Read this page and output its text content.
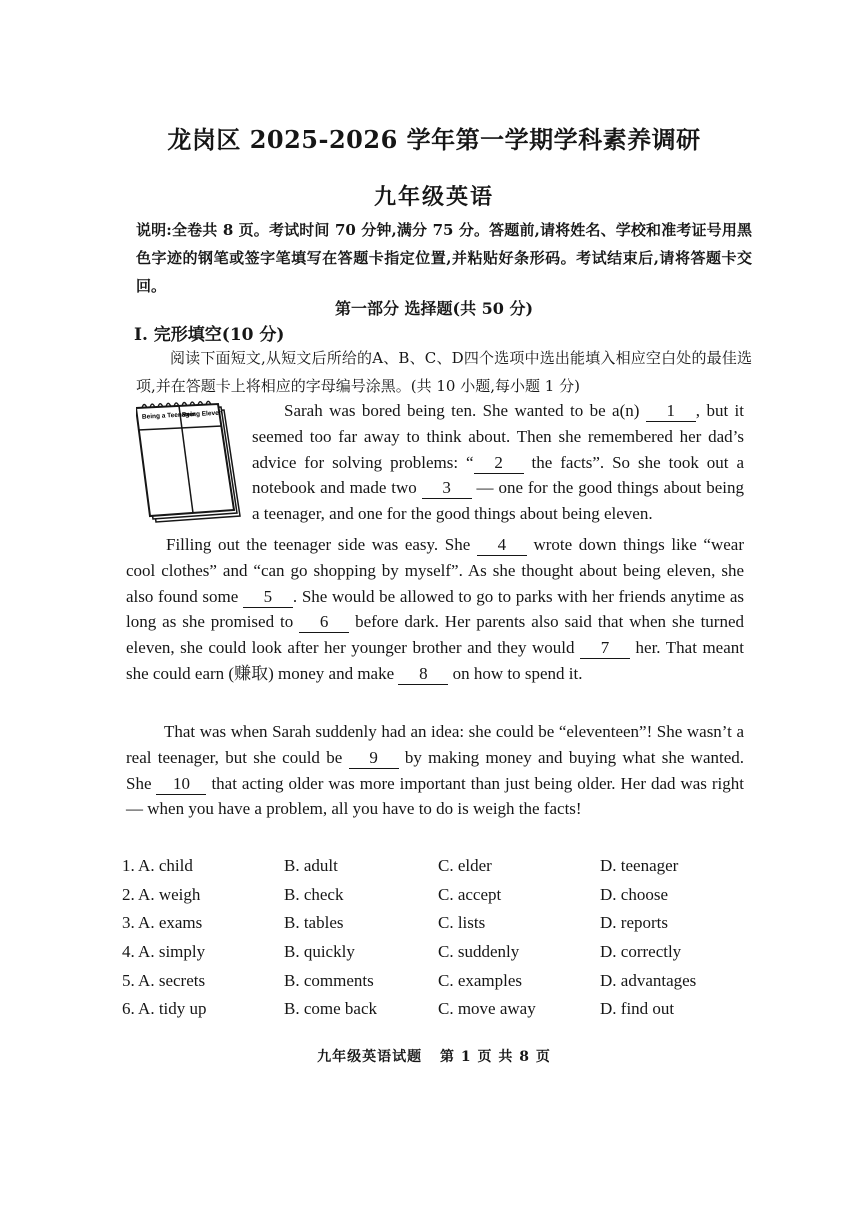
龙岗区 2025-2026 学年第一学期学科素养调研
九年级英语
说明:全卷共 8 页。考试时间 70 分钟,满分 75 分。答题前,请将姓名、学校和准考证号用黑色字迹的钢笔或签字笔填写在答题卡指定位置,并粘贴好条形码。考试结束后,请将答题卡交回。
第一部分 选择题(共 50 分)
I. 完形填空(10 分)
阅读下面短文,从短文后所给的A、B、C、D四个选项中选出能填入相应空白处的最佳选项,并在答题卡上将相应的字母编号涂黑。(共 10 小题,每小题 1 分)
Being a Teenager
Being Eleven	Sarah was bored being ten. She wanted to be a(n) 1 , but it seemed too far away to think about. Then she remembered her dad’s advice for solving problems: “ 2 the facts”. So she took out a notebook and made two 3 — one for the good things about being a teenager, and one for the good things about being eleven.
Filling out the teenager side was easy. She 4 wrote down things like “wear cool clothes” and “can go shopping by myself”. As she thought about being eleven, she also found some 5 . She would be allowed to go to parks with her friends anytime as long as she promised to 6 before dark. Her parents also said that when she turned eleven, she could look after her younger brother and they would 7 her. That meant she could earn (赚取) money and make 8 on how to spend it.
That was when Sarah suddenly had an idea: she could be “eleventeen”! She wasn’t a real teenager, but she could be 9 by making money and buying what she wanted. She 10 that acting older was more important than just being older. Her dad was right — when you have a problem, all you have to do is weigh the facts!
1. A. child	B. adult	C. elder	D. teenager
2. A. weigh	B. check	C. accept	D. choose
3. A. exams	B. tables	C. lists	D. reports
4. A. simply	B. quickly	C. suddenly	D. correctly
5. A. secrets	B. comments	C. examples	D. advantages
6. A. tidy up	B. come back	C. move away	D. find out
九年级英语试题 第 1 页 共 8 页
